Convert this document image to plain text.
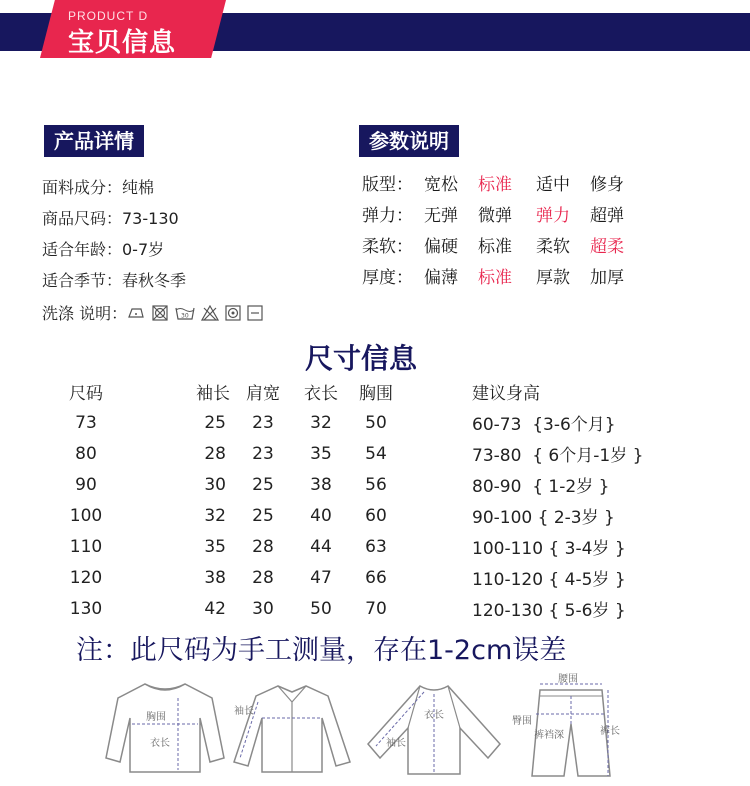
PRODUCT D
宝贝信息
产品详情
面料成分：纯棉
商品尺码：73-130
适合年龄：0-7岁
适合季节：春秋冬季
洗涤 说明：	30
参数说明
版型： 宽松	标准	适中	修身
弹力： 无弹	微弹	弹力	超弹
柔软： 偏硬	标准	柔软	超柔
厚度： 偏薄	标准	厚款	加厚
尺寸信息
尺码	袖长	肩宽	衣长	胸围	建议身高
73	25	23	32	50	60-73  {3-6个月}
80	28	23	35	54	73-80  { 6个月-1岁 }
90	30	25	38	56	80-90  { 1-2岁 }
100	32	25	40	60	90-100 { 2-3岁 }
110	35	28	44	63	100-110 { 3-4岁 }
120	38	28	47	66	110-120 { 4-5岁 }
130	42	30	50	70	120-130 { 5-6岁 }
注：此尺码为手工测量，存在1-2cm误差
胸围
衣长
袖长	衣长
袖长
腰围
臀围
裤裆深	裤长
